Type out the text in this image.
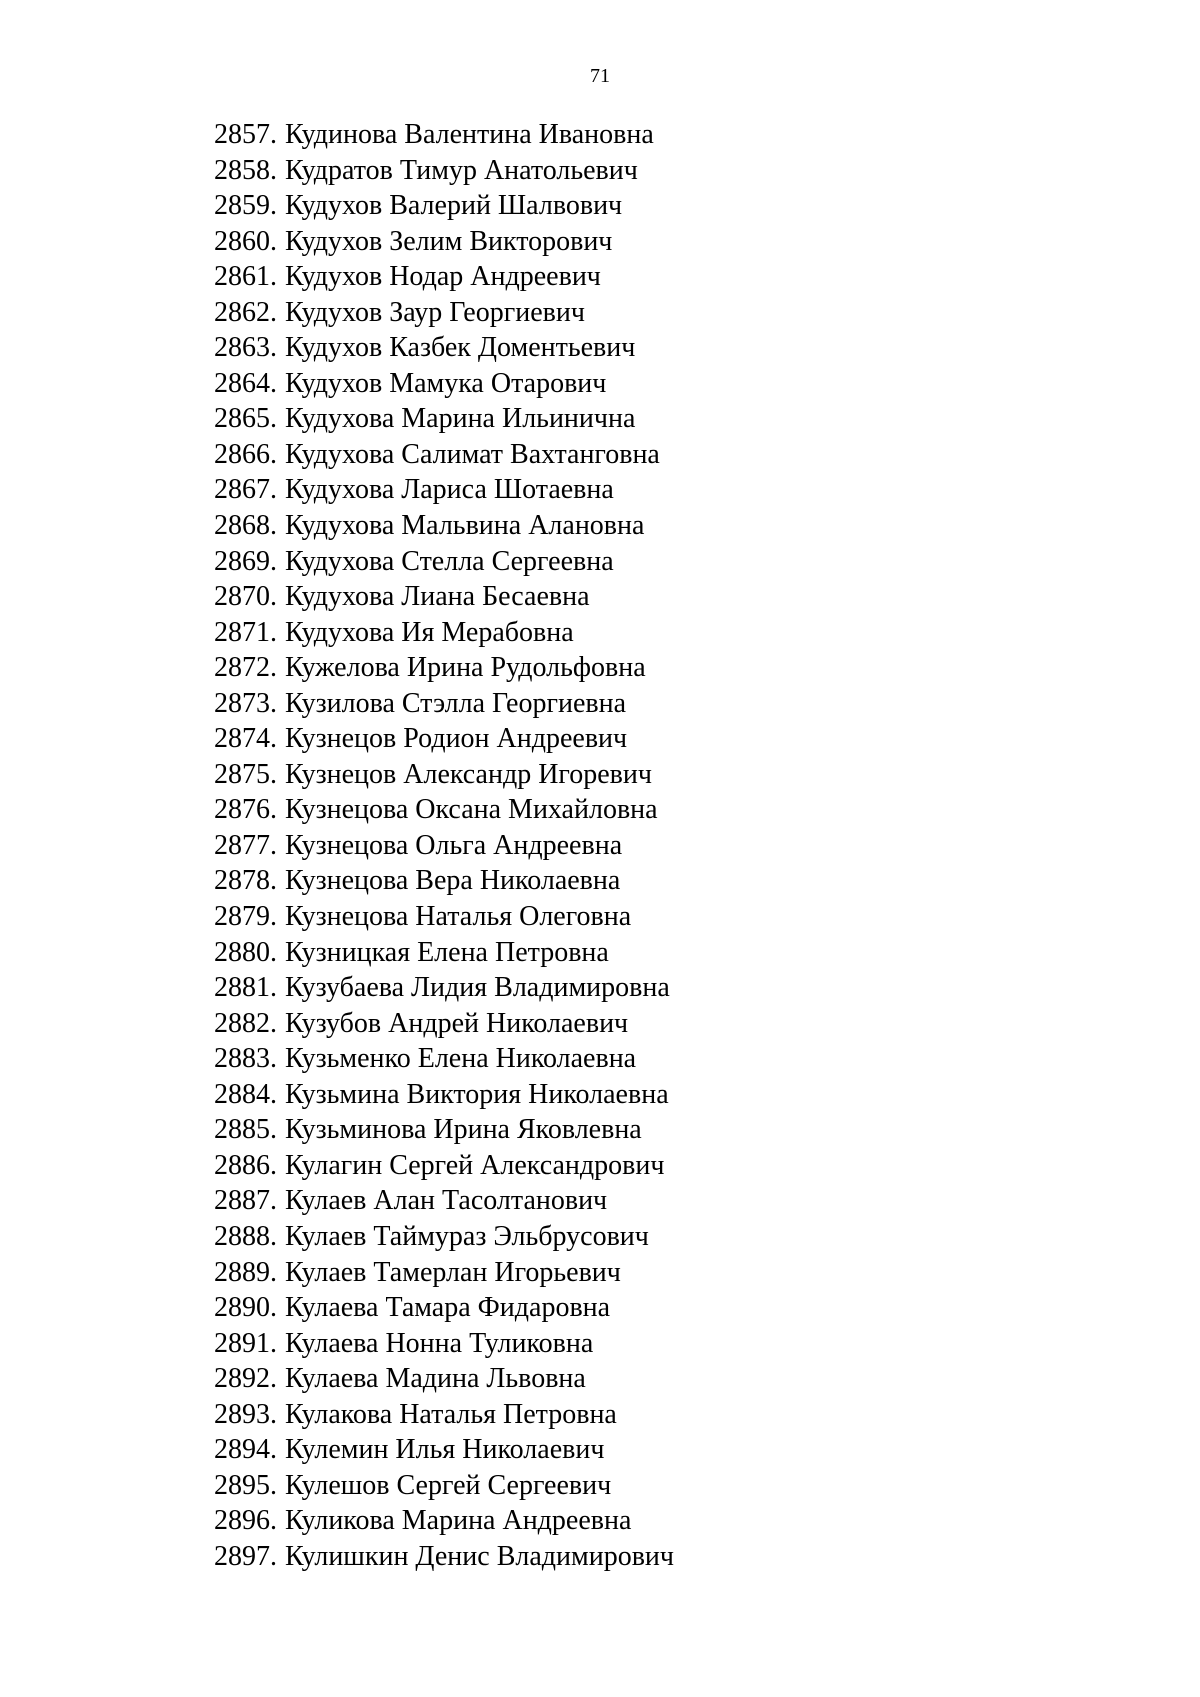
71
2857. Кудинова Валентина Ивановна
2858. Кудратов Тимур Анатольевич
2859. Кудухов Валерий Шалвович
2860. Кудухов Зелим Викторович
2861. Кудухов Нодар Андреевич
2862. Кудухов Заур Георгиевич
2863. Кудухов Казбек Доментьевич
2864. Кудухов Мамука Отарович
2865. Кудухова Марина Ильинична
2866. Кудухова Салимат Вахтанговна
2867. Кудухова Лариса Шотаевна
2868. Кудухова Мальвина Алановна
2869. Кудухова Стелла Сергеевна
2870. Кудухова Лиана Бесаевна
2871. Кудухова Ия Мерабовна
2872. Кужелова Ирина Рудольфовна
2873. Кузилова Стэлла Георгиевна
2874. Кузнецов Родион Андреевич
2875. Кузнецов Александр Игоревич
2876. Кузнецова Оксана Михайловна
2877. Кузнецова Ольга Андреевна
2878. Кузнецова Вера Николаевна
2879. Кузнецова Наталья Олеговна
2880. Кузницкая Елена Петровна
2881. Кузубаева Лидия Владимировна
2882. Кузубов Андрей Николаевич
2883. Кузьменко Елена Николаевна
2884. Кузьмина Виктория Николаевна
2885. Кузьминова Ирина Яковлевна
2886. Кулагин Сергей Александрович
2887. Кулаев Алан Тасолтанович
2888. Кулаев Таймураз Эльбрусович
2889. Кулаев Тамерлан Игорьевич
2890. Кулаева Тамара Фидаровна
2891. Кулаева Нонна Туликовна
2892. Кулаева Мадина Львовна
2893. Кулакова Наталья Петровна
2894. Кулемин Илья Николаевич
2895. Кулешов Сергей Сергеевич
2896. Куликова Марина Андреевна
2897. Кулишкин Денис Владимирович
